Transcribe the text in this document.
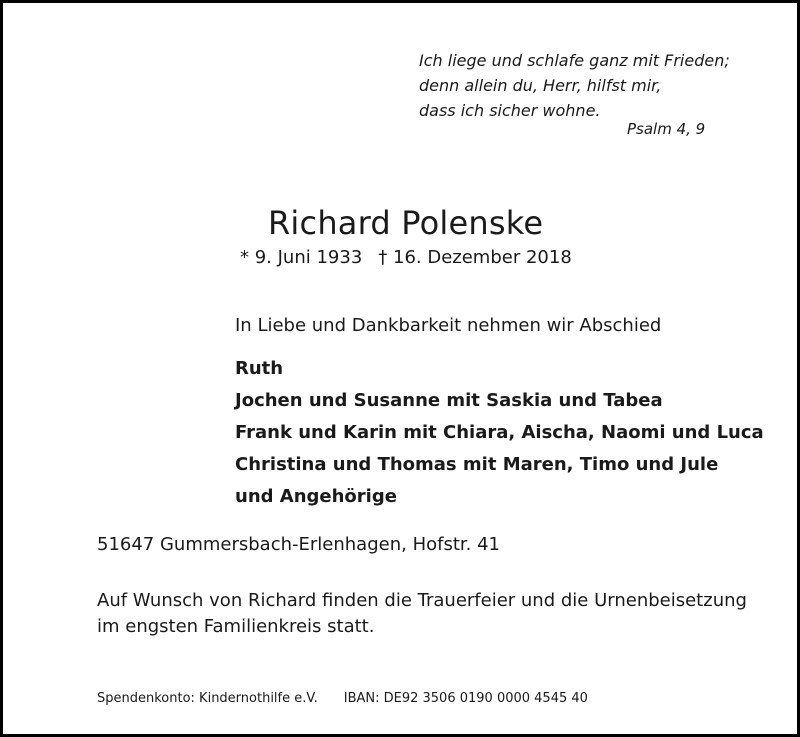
Ich liege und schlafe ganz mit Frieden;
denn allein du, Herr, hilfst mir,
dass ich sicher wohne.
Psalm 4, 9
Richard Polenske
* 9. Juni 1933 † 16. Dezember 2018
In Liebe und Dankbarkeit nehmen wir Abschied
Ruth
Jochen und Susanne mit Saskia und Tabea
Frank und Karin mit Chiara, Aischa, Naomi und Luca
Christina und Thomas mit Maren, Timo und Jule
und Angehörige
51647 Gummersbach-Erlenhagen, Hofstr. 41
Auf Wunsch von Richard finden die Trauerfeier und die Urnenbeisetzung
im engsten Familienkreis statt.
Spendenkonto: Kindernothilfe e.V. IBAN: DE92 3506 0190 0000 4545 40
